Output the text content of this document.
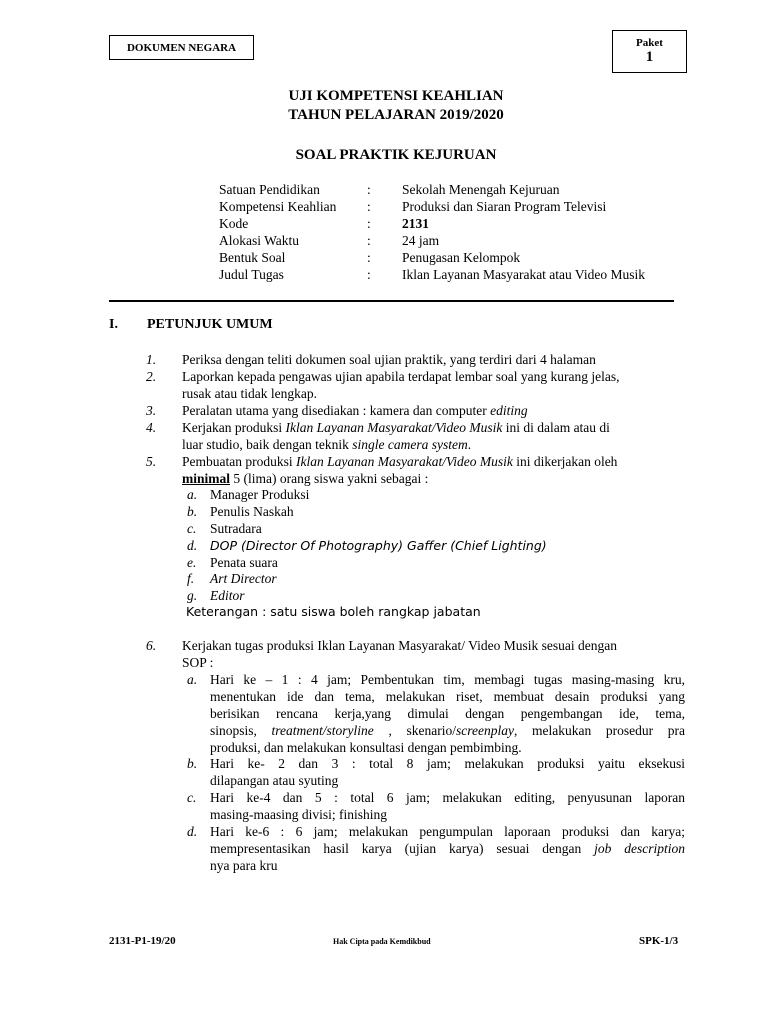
DOKUMEN NEGARA	Paket
1
UJI KOMPETENSI KEAHLIAN
TAHUN PELAJARAN 2019/2020
SOAL PRAKTIK KEJURUAN
Satuan Pendidikan	: Sekolah Menengah Kejuruan
Kompetensi Keahlian : Produksi dan Siaran Program Televisi
Kode	: 2131
Alokasi Waktu	: 24 jam
Bentuk Soal	: Penugasan Kelompok
Judul Tugas	: Iklan Layanan Masyarakat atau Video Musik
I. PETUNJUK UMUM
1. Periksa dengan teliti dokumen soal ujian praktik, yang terdiri dari 4 halaman
2. Laporkan kepada pengawas ujian apabila terdapat lembar soal yang kurang jelas,
rusak atau tidak lengkap.
3. Peralatan utama yang disediakan : kamera dan computer editing
4. Kerjakan produksi Iklan Layanan Masyarakat/Video Musik ini di dalam atau di
luar studio, baik dengan teknik single camera system.
5. Pembuatan produksi Iklan Layanan Masyarakat/Video Musik ini dikerjakan oleh
minimal 5 (lima) orang siswa yakni sebagai :
a. Manager Produksi
b. Penulis Naskah
c. Sutradara
d. DOP (Director Of Photography) Gaffer (Chief Lighting)
e. Penata suara
f. Art Director
g. Editor
Keterangan : satu siswa boleh rangkap jabatan
6. Kerjakan tugas produksi Iklan Layanan Masyarakat/ Video Musik sesuai dengan
SOP :
a. Hari ke – 1 : 4 jam; Pembentukan tim, membagi tugas masing-masing kru,
menentukan ide dan tema, melakukan riset, membuat desain produksi yang
berisikan rencana kerja,yang dimulai dengan pengembangan ide, tema,
sinopsis, treatment/storyline , skenario/screenplay, melakukan prosedur pra
produksi, dan melakukan konsultasi dengan pembimbing.
b. Hari ke- 2 dan 3 : total 8 jam; melakukan produksi yaitu eksekusi
dilapangan atau syuting
c. Hari ke-4 dan 5 : total 6 jam; melakukan editing, penyusunan laporan
masing-maasing divisi; finishing
d. Hari ke-6 : 6 jam; melakukan pengumpulan laporaan produksi dan karya;
mempresentasikan hasil karya (ujian karya) sesuai dengan job description
nya para kru
2131-P1-19/20	Hak Cipta pada Kemdikbud	SPK-1/3
